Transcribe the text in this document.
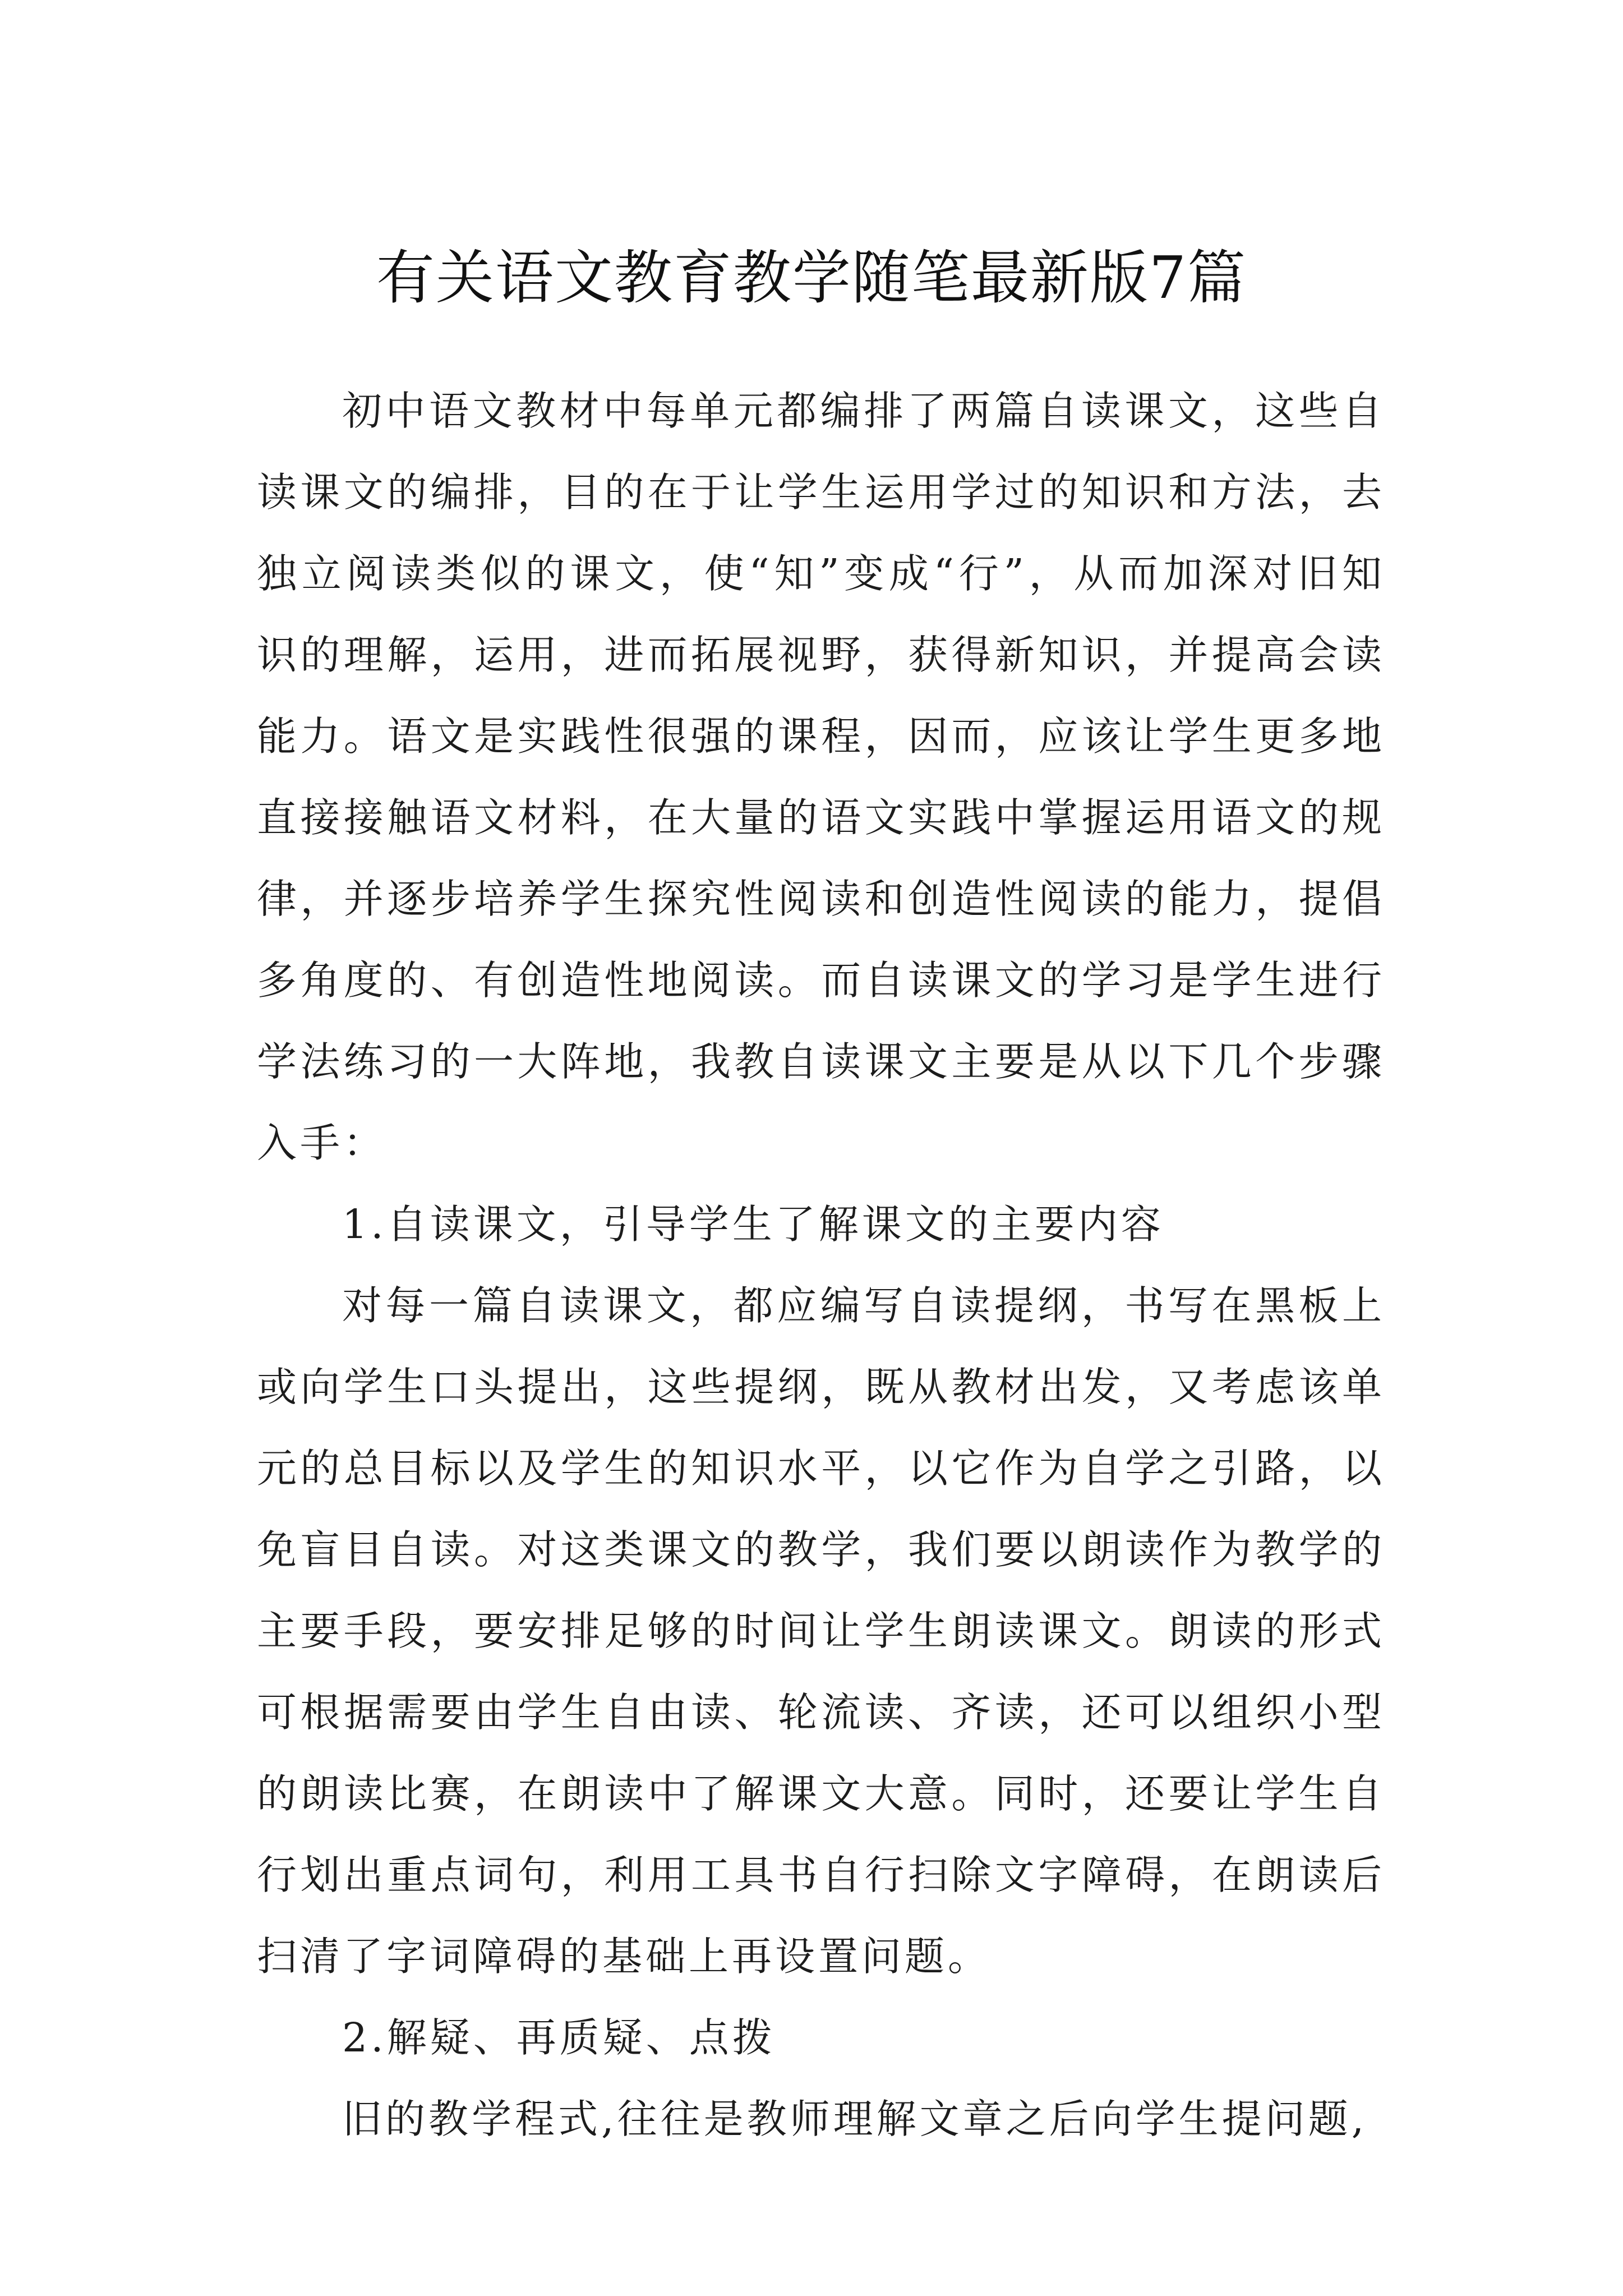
有关语文教育教学随笔最新版7篇

初中语文教材中每单元都编排了两篇自读课文，这些自读课文的编排，目的在于让学生运用学过的知识和方法，去独立阅读类似的课文，使“知”变成“行”，从而加深对旧知识的理解，运用，进而拓展视野，获得新知识，并提高会读能力。语文是实践性很强的课程，因而，应该让学生更多地直接接触语文材料，在大量的语文实践中掌握运用语文的规律，并逐步培养学生探究性阅读和创造性阅读的能力，提倡多角度的、有创造性地阅读。而自读课文的学习是学生进行学法练习的一大阵地，我教自读课文主要是从以下几个步骤入手：

1.自读课文，引导学生了解课文的主要内容

对每一篇自读课文，都应编写自读提纲，书写在黑板上或向学生口头提出，这些提纲，既从教材出发，又考虑该单元的总目标以及学生的知识水平，以它作为自学之引路，以免盲目自读。对这类课文的教学，我们要以朗读作为教学的主要手段，要安排足够的时间让学生朗读课文。朗读的形式可根据需要由学生自由读、轮流读、齐读，还可以组织小型的朗读比赛，在朗读中了解课文大意。同时，还要让学生自行划出重点词句，利用工具书自行扫除文字障碍，在朗读后扫清了字词障碍的基础上再设置问题。

2.解疑、再质疑、点拨

旧的教学程式,往往是教师理解文章之后向学生提问题,
